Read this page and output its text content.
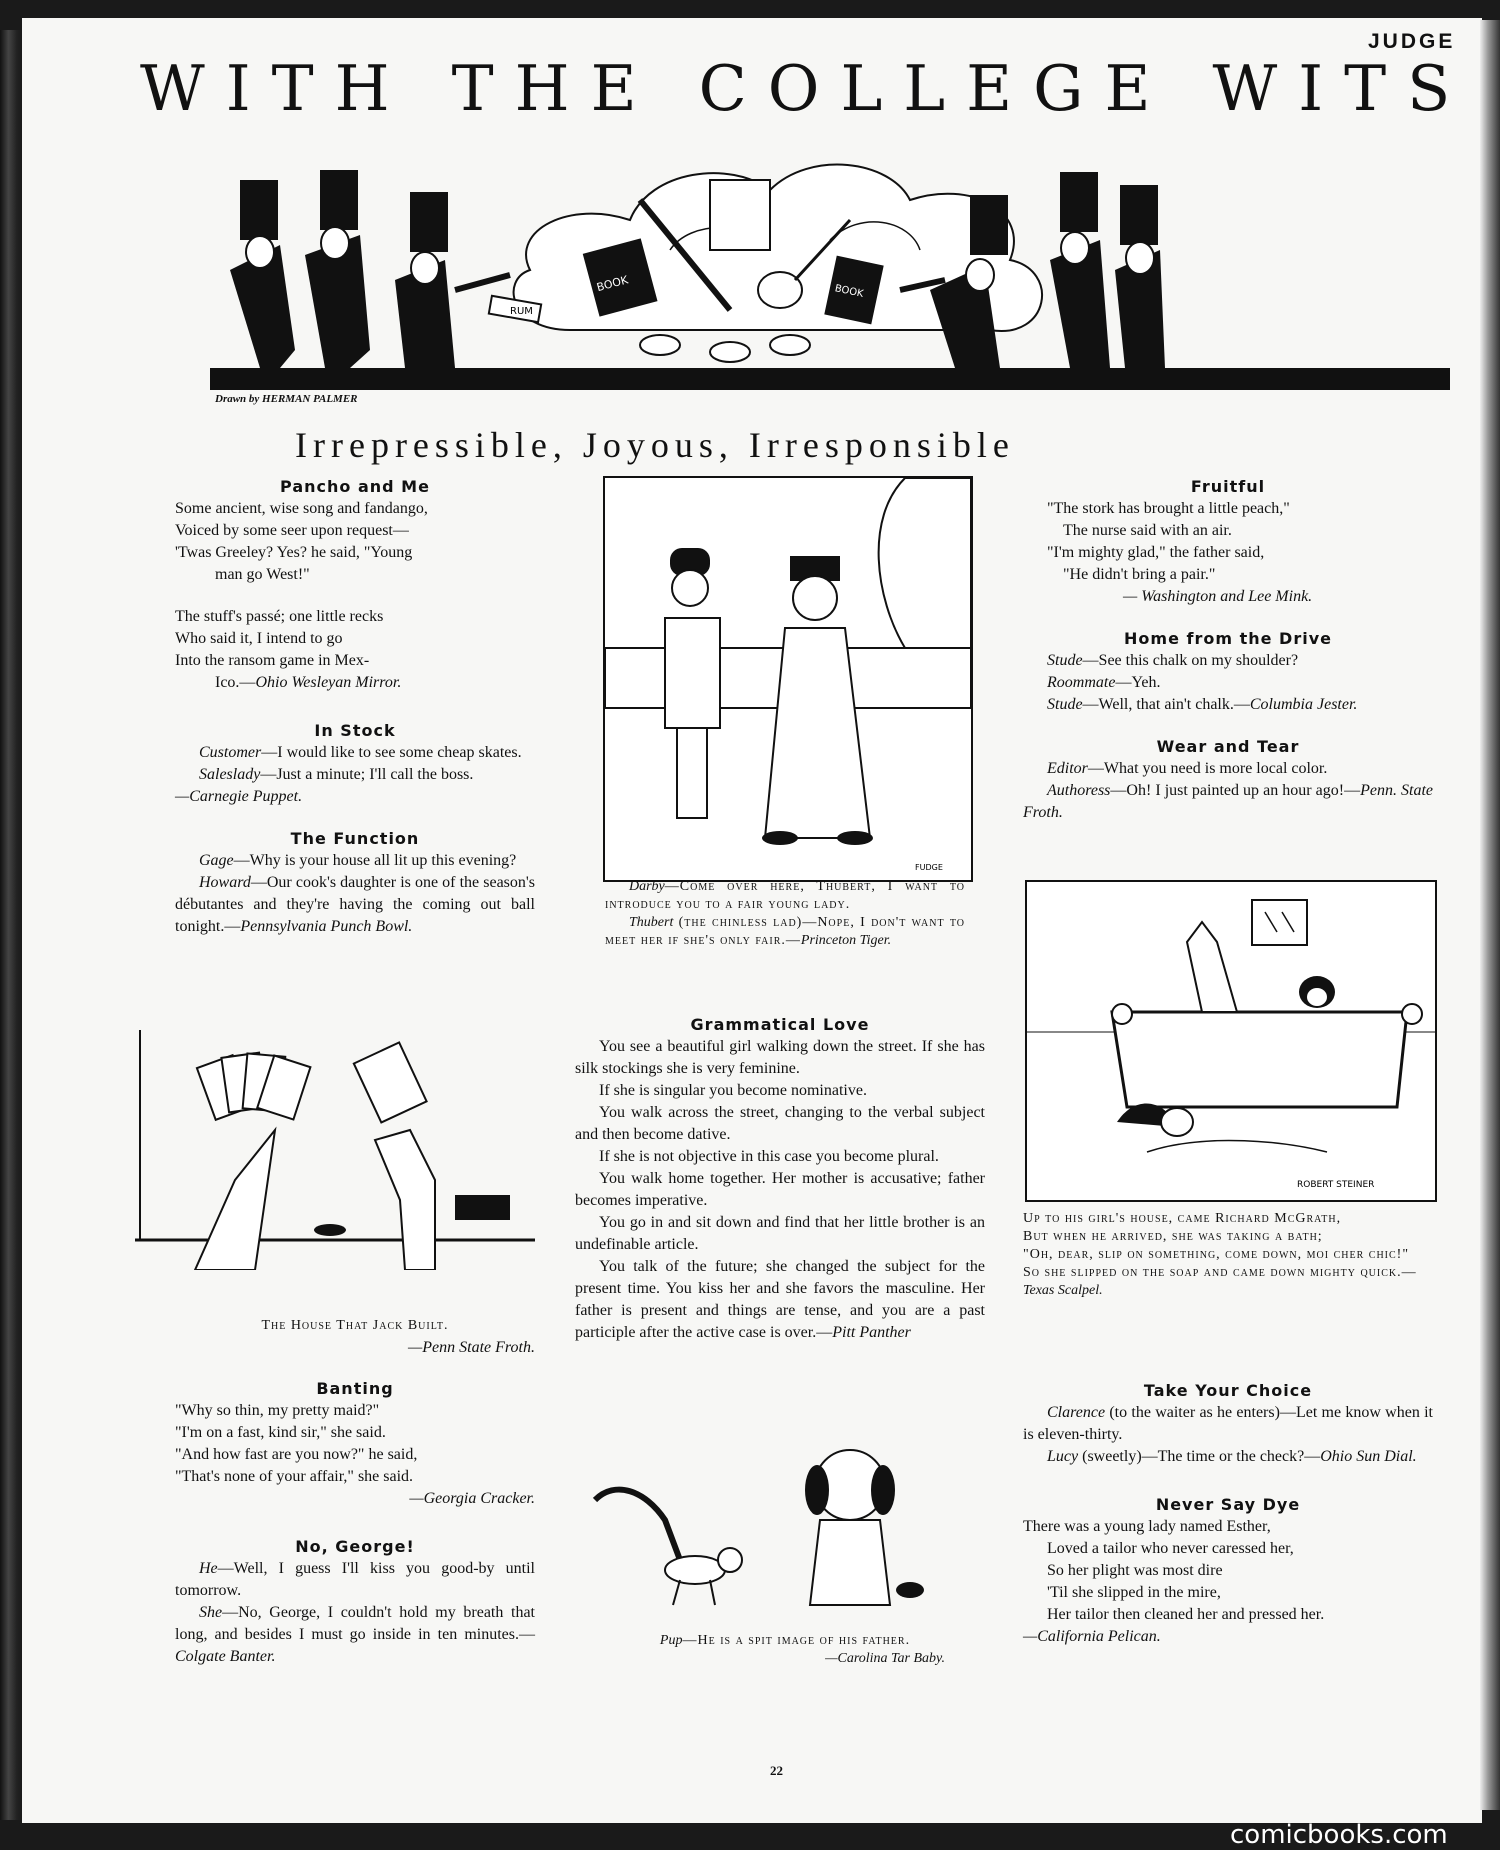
JUDGE
WITH THE COLLEGE WITS
RUM
BOOK	BOOK
Drawn by HERMAN PALMER
Irrepressible, Joyous, Irresponsible
Pancho and Me

Some ancient, wise song and fandango,

Voiced by some seer upon request—

'Twas Greeley? Yes? he said, "Young

man go West!"

The stuff's passé; one little recks

Who said it, I intend to go

Into the ransom game in Mex-

Ico.—Ohio Wesleyan Mirror.

In Stock

Customer—I would like to see some cheap skates.

Saleslady—Just a minute; I'll call the boss.

—Carnegie Puppet.

The Function

Gage—Why is your house all lit up this evening?

Howard—Our cook's daughter is one of the season's débutantes and they're having the coming out ball tonight.—Pennsylvania Punch Bowl.

The House That Jack Built.

—Penn State Froth.

Banting

"Why so thin, my pretty maid?"

"I'm on a fast, kind sir," she said.

"And how fast are you now?" he said,

"That's none of your affair," she said.

—Georgia Cracker.

No, George!

He—Well, I guess I'll kiss you good-by until tomorrow.

She—No, George, I couldn't hold my breath that long, and besides I must go inside in ten minutes.—Colgate Banter.

FUDGE

Darby—Come over here, Thubert, I want to introduce you to a fair young lady.

Thubert (the chinless lad)—Nope, I don't want to meet her if she's only fair.—Princeton Tiger.

Grammatical Love

You see a beautiful girl walking down the street. If she has silk stockings she is very feminine.

If she is singular you become nominative.

You walk across the street, changing to the verbal subject and then become dative.

If she is not objective in this case you become plural.

You walk home together. Her mother is accusative; father becomes imperative.

You go in and sit down and find that her little brother is an undefinable article.

You talk of the future; she changed the subject for the present time. You kiss her and she favors the masculine. Her father is present and things are tense, and you are a past participle after the active case is over.—Pitt Panther

Pup—He is a spit image of his father.

—Carolina Tar Baby.

22
Fruitful

"The stork has brought a little peach,"

The nurse said with an air.

"I'm mighty glad," the father said,

"He didn't bring a pair."

— Washington and Lee Mink.

Home from the Drive

Stude—See this chalk on my shoulder?

Roommate—Yeh.

Stude—Well, that ain't chalk.—Columbia Jester.

Wear and Tear

Editor—What you need is more local color.

Authoress—Oh! I just painted up an hour ago!—Penn. State Froth.

ROBERT STEINER

Up to his girl's house, came Richard McGrath,

But when he arrived, she was taking a bath;

"Oh, dear, slip on something, come down, moi cher chic!"

So she slipped on the soap and came down mighty quick.—Texas Scalpel.

Take Your Choice

Clarence (to the waiter as he enters)—Let me know when it is eleven-thirty.

Lucy (sweetly)—The time or the check?—Ohio Sun Dial.

Never Say Dye

There was a young lady named Esther,

Loved a tailor who never caressed her,

So her plight was most dire

'Til she slipped in the mire,

Her tailor then cleaned her and pressed her.

—California Pelican.

comicbooks.com
